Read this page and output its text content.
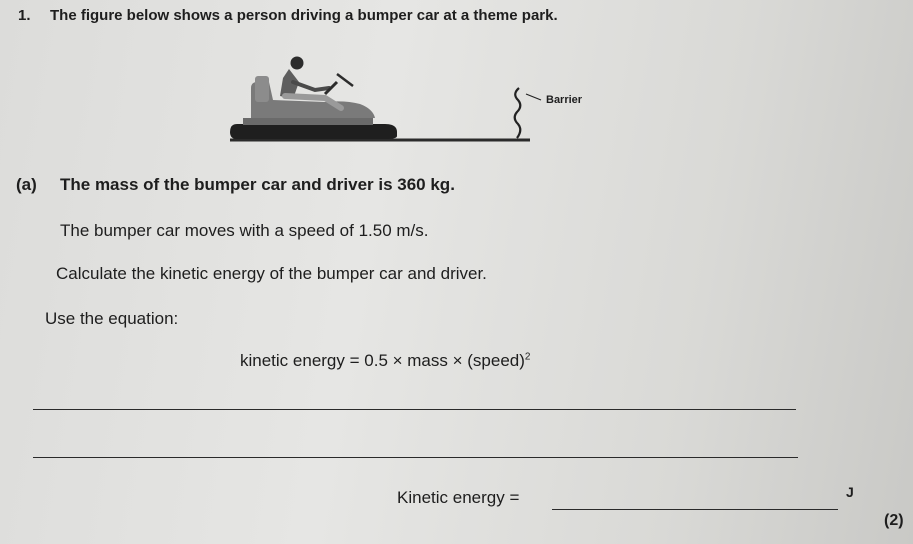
1. The figure below shows a person driving a bumper car at a theme park.
Barrier
(a) The mass of the bumper car and driver is 360 kg.
The bumper car moves with a speed of 1.50 m/s.
Calculate the kinetic energy of the bumper car and driver.
Use the equation:
kinetic energy = 0.5 × mass × (speed)$^2$
Kinetic energy =	J
(2)
